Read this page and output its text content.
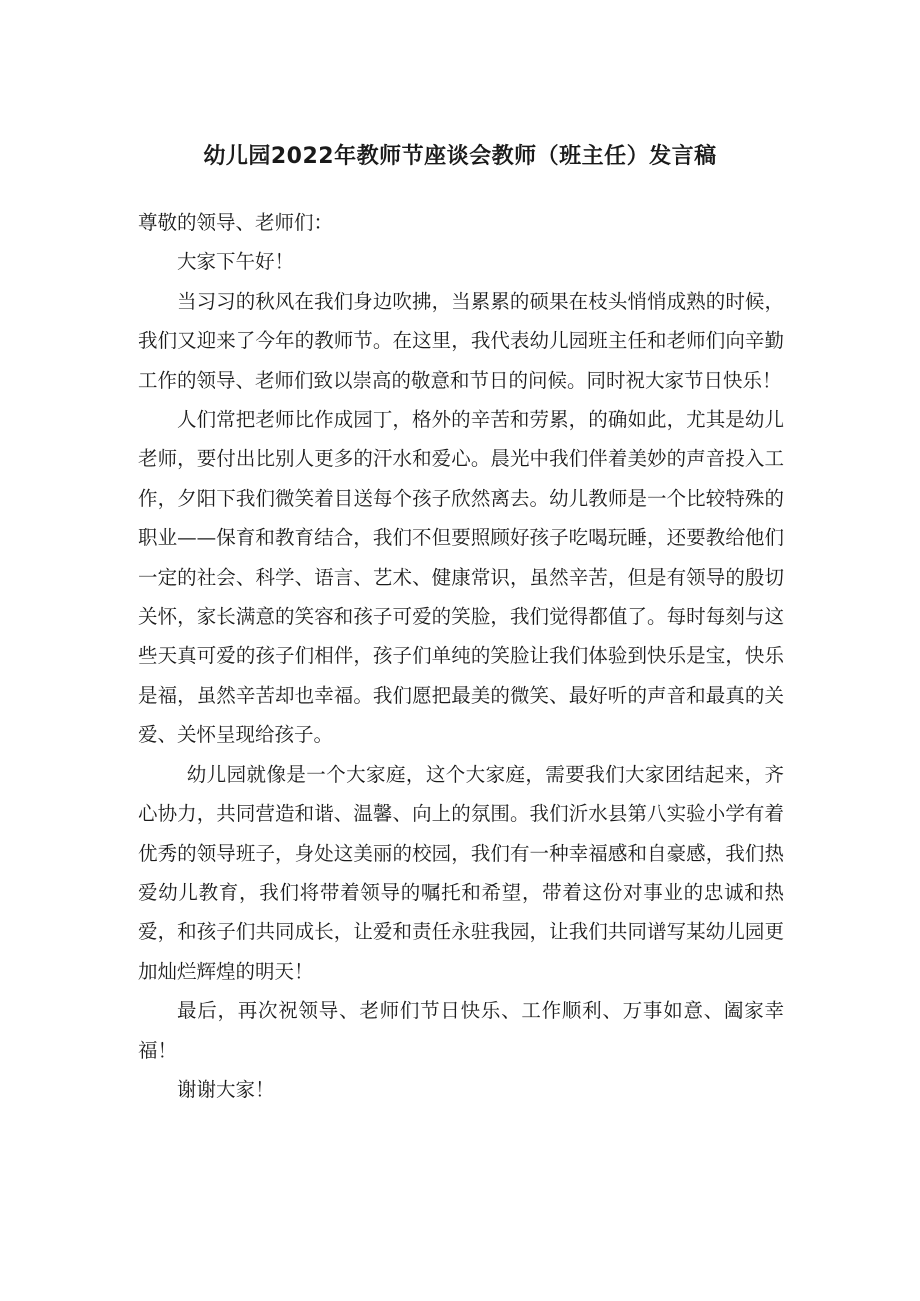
幼儿园2022年教师节座谈会教师（班主任）发言稿

尊敬的领导、老师们：

大家下午好！

当习习的秋风在我们身边吹拂，当累累的硕果在枝头悄悄成熟的时候，我们又迎来了今年的教师节。在这里，我代表幼儿园班主任和老师们向辛勤工作的领导、老师们致以崇高的敬意和节日的问候。同时祝大家节日快乐！

人们常把老师比作成园丁，格外的辛苦和劳累，的确如此，尤其是幼儿老师，要付出比别人更多的汗水和爱心。晨光中我们伴着美妙的声音投入工作，夕阳下我们微笑着目送每个孩子欣然离去。幼儿教师是一个比较特殊的职业——保育和教育结合，我们不但要照顾好孩子吃喝玩睡，还要教给他们一定的社会、科学、语言、艺术、健康常识，虽然辛苦，但是有领导的殷切关怀，家长满意的笑容和孩子可爱的笑脸，我们觉得都值了。每时每刻与这些天真可爱的孩子们相伴，孩子们单纯的笑脸让我们体验到快乐是宝，快乐是福，虽然辛苦却也幸福。我们愿把最美的微笑、最好听的声音和最真的关爱、关怀呈现给孩子。

幼儿园就像是一个大家庭，这个大家庭，需要我们大家团结起来，齐心协力，共同营造和谐、温馨、向上的氛围。我们沂水县第八实验小学有着优秀的领导班子，身处这美丽的校园，我们有一种幸福感和自豪感，我们热爱幼儿教育，我们将带着领导的嘱托和希望，带着这份对事业的忠诚和热爱，和孩子们共同成长，让爱和责任永驻我园，让我们共同谱写某幼儿园更加灿烂辉煌的明天！

最后，再次祝领导、老师们节日快乐、工作顺利、万事如意、阖家幸福！

谢谢大家！
